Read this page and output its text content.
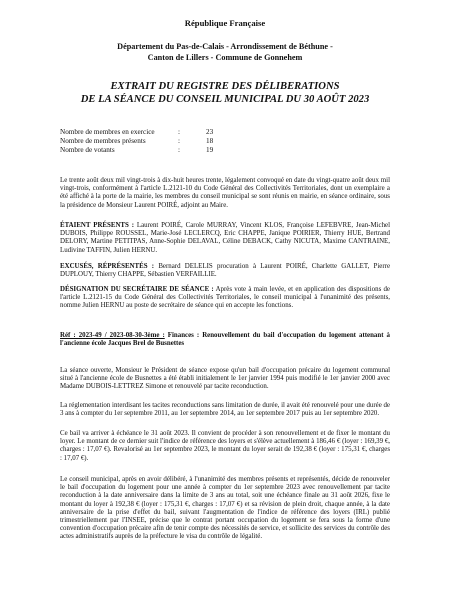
République Française
Département du Pas-de-Calais - Arrondissement de Béthune -
Canton de Lillers - Commune de Gonnehem
EXTRAIT DU REGISTRE DES DÉLIBERATIONS
DE LA SÉANCE DU CONSEIL MUNICIPAL DU 30 AOÛT 2023
Nombre de membres en exercice	:	23
Nombre de membres présents	:	18
Nombre de votants	:	19

Le trente août deux mil vingt-trois à dix-huit heures trente, légalement convoqué en date du vingt-quatre août deux mil vingt-trois, conformément à l'article L.2121-10 du Code Général des Collectivités Territoriales, dont un exemplaire a été affiché à la porte de la mairie, les membres du conseil municipal se sont réunis en mairie, en séance ordinaire, sous la présidence de Monsieur Laurent POIRÉ, adjoint au Maire.

ÉTAIENT PRÉSENTS : Laurent POIRÉ, Carole MURRAY, Vincent KLOS, Françoise LEFEBVRE, Jean-Michel DUBOIS, Philippe ROUSSEL, Marie-José LECLERCQ, Eric CHAPPE, Janique POIRIER, Thierry HUE, Bertrand DELORY, Martine PETITPAS, Anne-Sophie DELAVAL, Céline DEBACK, Cathy NICUTA, Maxime CANTRAINE, Ludivine TAFFIN, Julien HERNU.

EXCUSÉS, RÉPRÉSENTÉS : Bernard DELELIS procuration à Laurent POIRÉ, Charlette GALLET, Pierre DUPLOUY, Thierry CHAPPE, Sébastien VERFAILLIE.

DÉSIGNATION DU SECRÉTAIRE DE SÉANCE : Après vote à main levée, et en application des dispositions de l'article L.2121-15 du Code Général des Collectivités Territoriales, le conseil municipal à l'unanimité des présents, nomme Julien HERNU au poste de secrétaire de séance qui en accepte les fonctions.

Réf : 2023-49 / 2023-08-30-3ème : Finances : Renouvellement du bail d'occupation du logement attenant à l'ancienne école Jacques Brel de Busnettes

La séance ouverte, Monsieur le Président de séance expose qu'un bail d'occupation précaire du logement communal situé à l'ancienne école de Busnettes a été établi initialement le 1er janvier 1994 puis modifié le 1er janvier 2000 avec Madame DUBOIS-LETTREZ Simone et renouvelé par tacite reconduction.

La réglementation interdisant les tacites reconductions sans limitation de durée, il avait été renouvelé pour une durée de 3 ans à compter du 1er septembre 2011, au 1er septembre 2014, au 1er septembre 2017 puis au 1er septembre 2020.

Ce bail va arriver à échéance le 31 août 2023. Il convient de procéder à son renouvellement et de fixer le montant du loyer. Le montant de ce dernier suit l'indice de référence des loyers et s'élève actuellement à 186,46 € (loyer : 169,39 €, charges : 17,07 €). Revalorisé au 1er septembre 2023, le montant du loyer serait de 192,38 € (loyer : 175,31 €, charges : 17,07 €).

Le conseil municipal, après en avoir délibéré, à l'unanimité des membres présents et représentés, décide de renouveler le bail d'occupation du logement pour une année à compter du 1er septembre 2023 avec renouvellement par tacite reconduction à la date anniversaire dans la limite de 3 ans au total, soit une échéance finale au 31 août 2026, fixe le montant du loyer à 192,38 € (loyer : 175,31 €, charges : 17,07 €) et sa révision de plein droit, chaque année, à la date anniversaire de la prise d'effet du bail, suivant l'augmentation de l'indice de référence des loyers (IRL) publié trimestriellement par l'INSEE, précise que le contrat portant occupation du logement se fera sous la forme d'une convention d'occupation précaire afin de tenir compte des nécessités de service, et sollicite des services du contrôle des actes administratifs auprès de la préfecture le visa du contrôle de légalité.
